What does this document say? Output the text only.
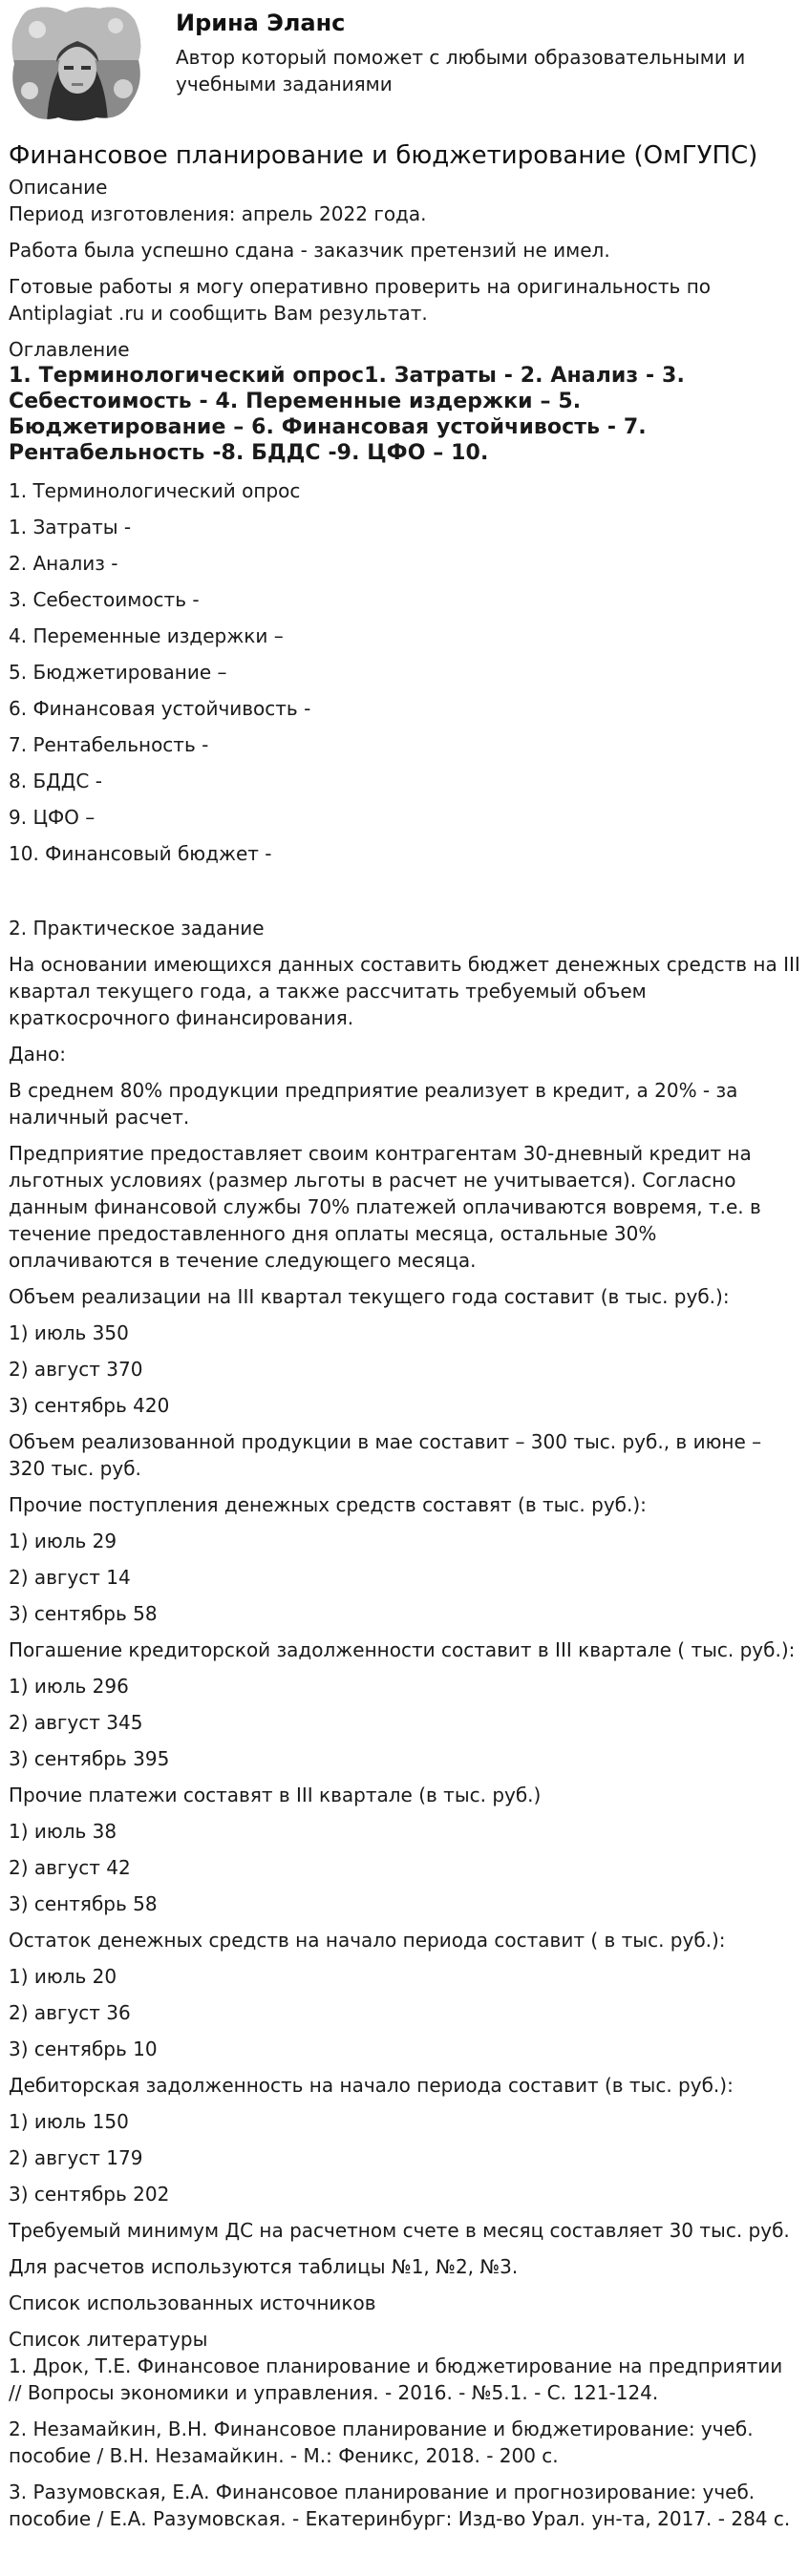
Ирина Эланс

Автор который поможет с любыми образовательными и учебными заданиями

Финансовое планирование и бюджетирование (ОмГУПС)
Описание

Период изготовления: апрель 2022 года.

Работа была успешно сдана - заказчик претензий не имел.

Готовые работы я могу оперативно проверить на оригинальность по Antiplagiat .ru и сообщить Вам результат.

Оглавление

1. Терминологический опрос1. Затраты - 2. Анализ - 3. Себестоимость - 4. Переменные издержки – 5. Бюджетирование – 6. Финансовая устойчивость - 7. Рентабельность -8. БДДС -9. ЦФО – 10.

1. Терминологический опрос

1. Затраты -

2. Анализ -

3. Себестоимость -

4. Переменные издержки –

5. Бюджетирование –

6. Финансовая устойчивость -

7. Рентабельность -

8. БДДС -

9. ЦФО –

10. Финансовый бюджет -

2. Практическое задание

На основании имеющихся данных составить бюджет денежных средств на III квартал текущего года, а также рассчитать требуемый объем краткосрочного финансирования.

Дано:

В среднем 80% продукции предприятие реализует в кредит, а 20% - за наличный расчет.

Предприятие предоставляет своим контрагентам 30-дневный кредит на льготных условиях (размер льготы в расчет не учитывается). Согласно данным финансовой службы 70% платежей оплачиваются вовремя, т.е. в течение предоставленного дня оплаты месяца, остальные 30% оплачиваются в течение следующего месяца.

Объем реализации на III квартал текущего года составит (в тыс. руб.):

1) июль 350

2) август 370

3) сентябрь 420

Объем реализованной продукции в мае составит – 300 тыс. руб., в июне – 320 тыс. руб.

Прочие поступления денежных средств составят (в тыс. руб.):

1) июль 29

2) август 14

3) сентябрь 58

Погашение кредиторской задолженности составит в III квартале ( тыс. руб.):

1) июль 296

2) август 345

3) сентябрь 395

Прочие платежи составят в III квартале (в тыс. руб.)

1) июль 38

2) август 42

3) сентябрь 58

Остаток денежных средств на начало периода составит ( в тыс. руб.):

1) июль 20

2) август 36

3) сентябрь 10

Дебиторская задолженность на начало периода составит (в тыс. руб.):

1) июль 150

2) август 179

3) сентябрь 202

Требуемый минимум ДС на расчетном счете в месяц составляет 30 тыс. руб.

Для расчетов используются таблицы №1, №2, №3.

Список использованных источников
Список литературы

1. Дрок, Т.Е. Финансовое планирование и бюджетирование на предприятии // Вопросы экономики и управления. - 2016. - №5.1. - С. 121-124.

2. Незамайкин, В.Н. Финансовое планирование и бюджетирование: учеб. пособие / В.Н. Незамайкин. - М.: Феникс, 2018. - 200 с.

3. Разумовская, Е.А. Финансовое планирование и прогнозирование: учеб. пособие / Е.А. Разумовская. - Екатеринбург: Изд-во Урал. ун-та, 2017. - 284 с.
